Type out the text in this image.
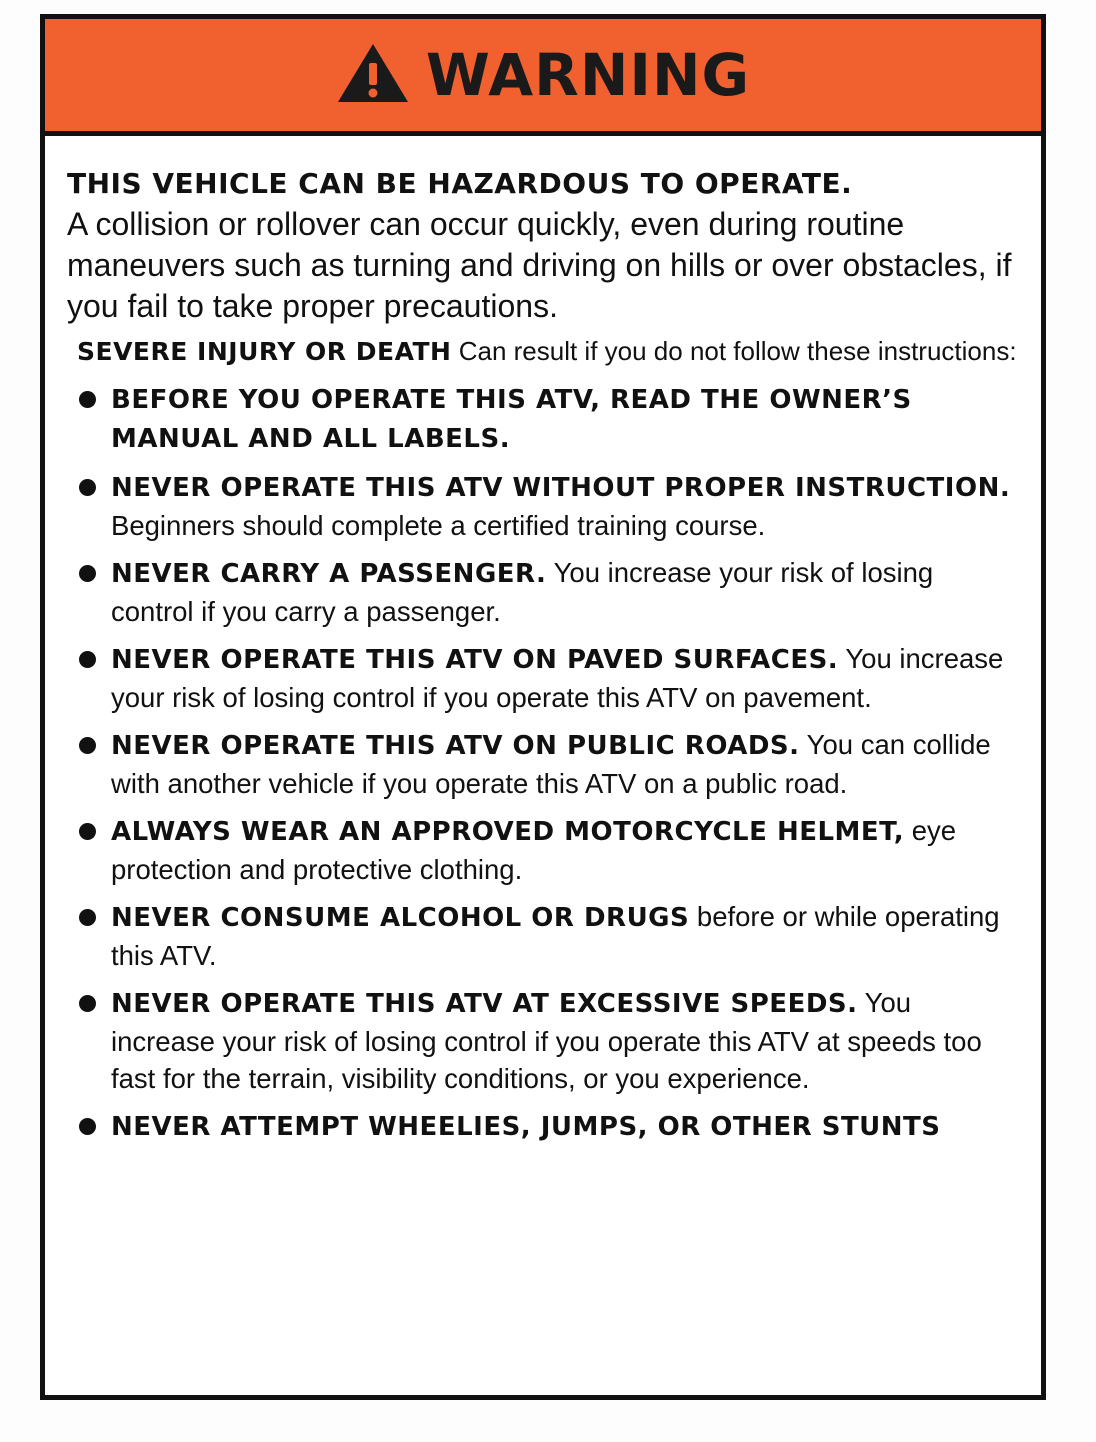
WARNING

THIS VEHICLE CAN BE HAZARDOUS TO OPERATE.

A collision or rollover can occur quickly, even during routine maneuvers such as turning and driving on hills or over obstacles, if you fail to take proper precautions.

SEVERE INJURY OR DEATH Can result if you do not follow these instructions:

BEFORE YOU OPERATE THIS ATV, READ THE OWNER’S MANUAL AND ALL LABELS.
NEVER OPERATE THIS ATV WITHOUT PROPER INSTRUCTION. Beginners should complete a certified training course.
NEVER CARRY A PASSENGER. You increase your risk of losing control if you carry a passenger.
NEVER OPERATE THIS ATV ON PAVED SURFACES. You increase your risk of losing control if you operate this ATV on pavement.
NEVER OPERATE THIS ATV ON PUBLIC ROADS. You can collide with another vehicle if you operate this ATV on a public road.
ALWAYS WEAR AN APPROVED MOTORCYCLE HELMET, eye protection and protective clothing.
NEVER CONSUME ALCOHOL OR DRUGS before or while operating this ATV.
NEVER OPERATE THIS ATV AT EXCESSIVE SPEEDS. You increase your risk of losing control if you operate this ATV at speeds too fast for the terrain, visibility conditions, or you experience.
NEVER ATTEMPT WHEELIES, JUMPS, OR OTHER STUNTS
